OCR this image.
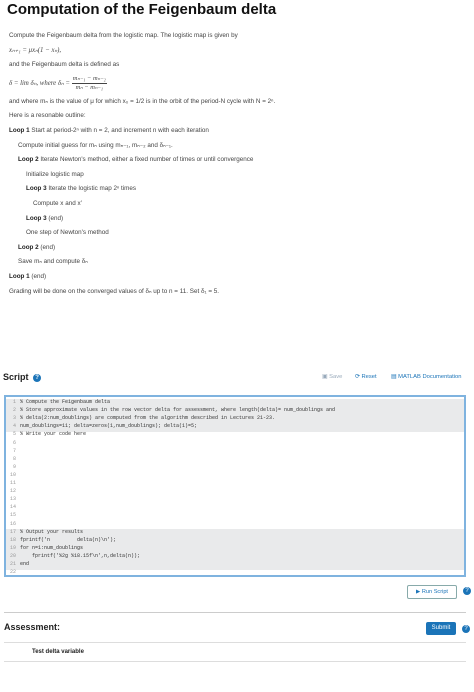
Computation of the Feigenbaum delta
Compute the Feigenbaum delta from the logistic map. The logistic map is given by
xₙ₊₁ = μxₙ(1 − xₙ),
and the Feigenbaum delta is defined as
δ = lim δₙ, where $\delta_n = \frac{\text{mₙ₋₁ − mₙ₋₂}}{\text{mₙ − mₙ₋₁}}$
and where mₙ is the value of μ for which x₀ = 1/2 is in the orbit of the period-N cycle with N = 2ⁿ.
Here is a resonable outline:
Loop 1 Start at period-2ⁿ with n = 2, and increment n with each iteration
Compute initial guess for mₙ using mₙ₋₁, mₙ₋₂ and δₙ₋₁.
Loop 2 Iterate Newton's method, either a fixed number of times or until convergence
Initialize logistic map
Loop 3 Iterate the logistic map 2ⁿ times
Compute x and x′
Loop 3 (end)
One step of Newton's method
Loop 2 (end)
Save mₙ and compute δₙ
Loop 1 (end)
Grading will be done on the converged values of δₙ up to n = 11. Set δ₁ = 5.
Script ?	▣ Save ⟳ Reset ▤ MATLAB Documentation
1 % Compute the Feigenbaum delta
2 % Store approximate values in the row vector delta for assessment, where length(delta)= num_doublings and
3 % delta(2:num_doublings) are computed from the algorithm described in Lectures 21-23.
4 num_doublings=11; delta=zeros(1,num_doublings); delta(1)=5;
5 % Write your code here
6
7
8
9
10
11
12
13
14
15
16
17 % Output your results
18 fprintf('n         delta(n)\n');
19 for n=1:num_doublings
20 fprintf('%2g %18.15f\n',n,delta(n));
21 end
22
▶ Run Script	?
Assessment:	Submit	?
Test delta variable
